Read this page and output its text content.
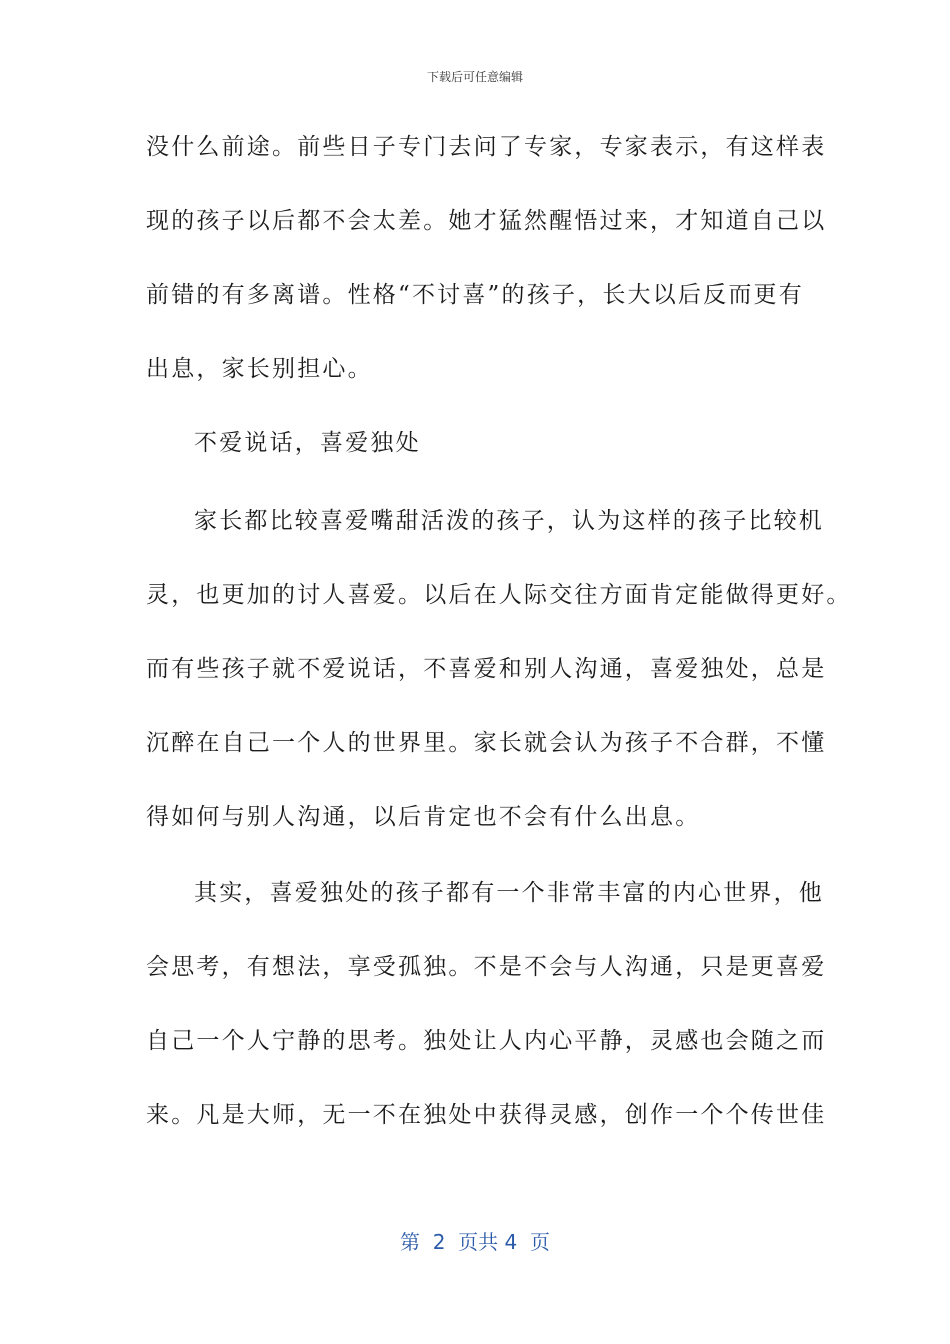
下载后可任意编辑
没什么前途。前些日子专门去问了专家，专家表示，有这样表
现的孩子以后都不会太差。她才猛然醒悟过来，才知道自己以
前错的有多离谱。性格“不讨喜”的孩子，长大以后反而更有
出息，家长别担心。
不爱说话，喜爱独处
家长都比较喜爱嘴甜活泼的孩子，认为这样的孩子比较机
灵，也更加的讨人喜爱。以后在人际交往方面肯定能做得更好。
而有些孩子就不爱说话，不喜爱和别人沟通，喜爱独处，总是
沉醉在自己一个人的世界里。家长就会认为孩子不合群，不懂
得如何与别人沟通，以后肯定也不会有什么出息。
其实，喜爱独处的孩子都有一个非常丰富的内心世界，他
会思考，有想法，享受孤独。不是不会与人沟通，只是更喜爱
自己一个人宁静的思考。独处让人内心平静，灵感也会随之而
来。凡是大师，无一不在独处中获得灵感，创作一个个传世佳
第  2  页共 4  页
